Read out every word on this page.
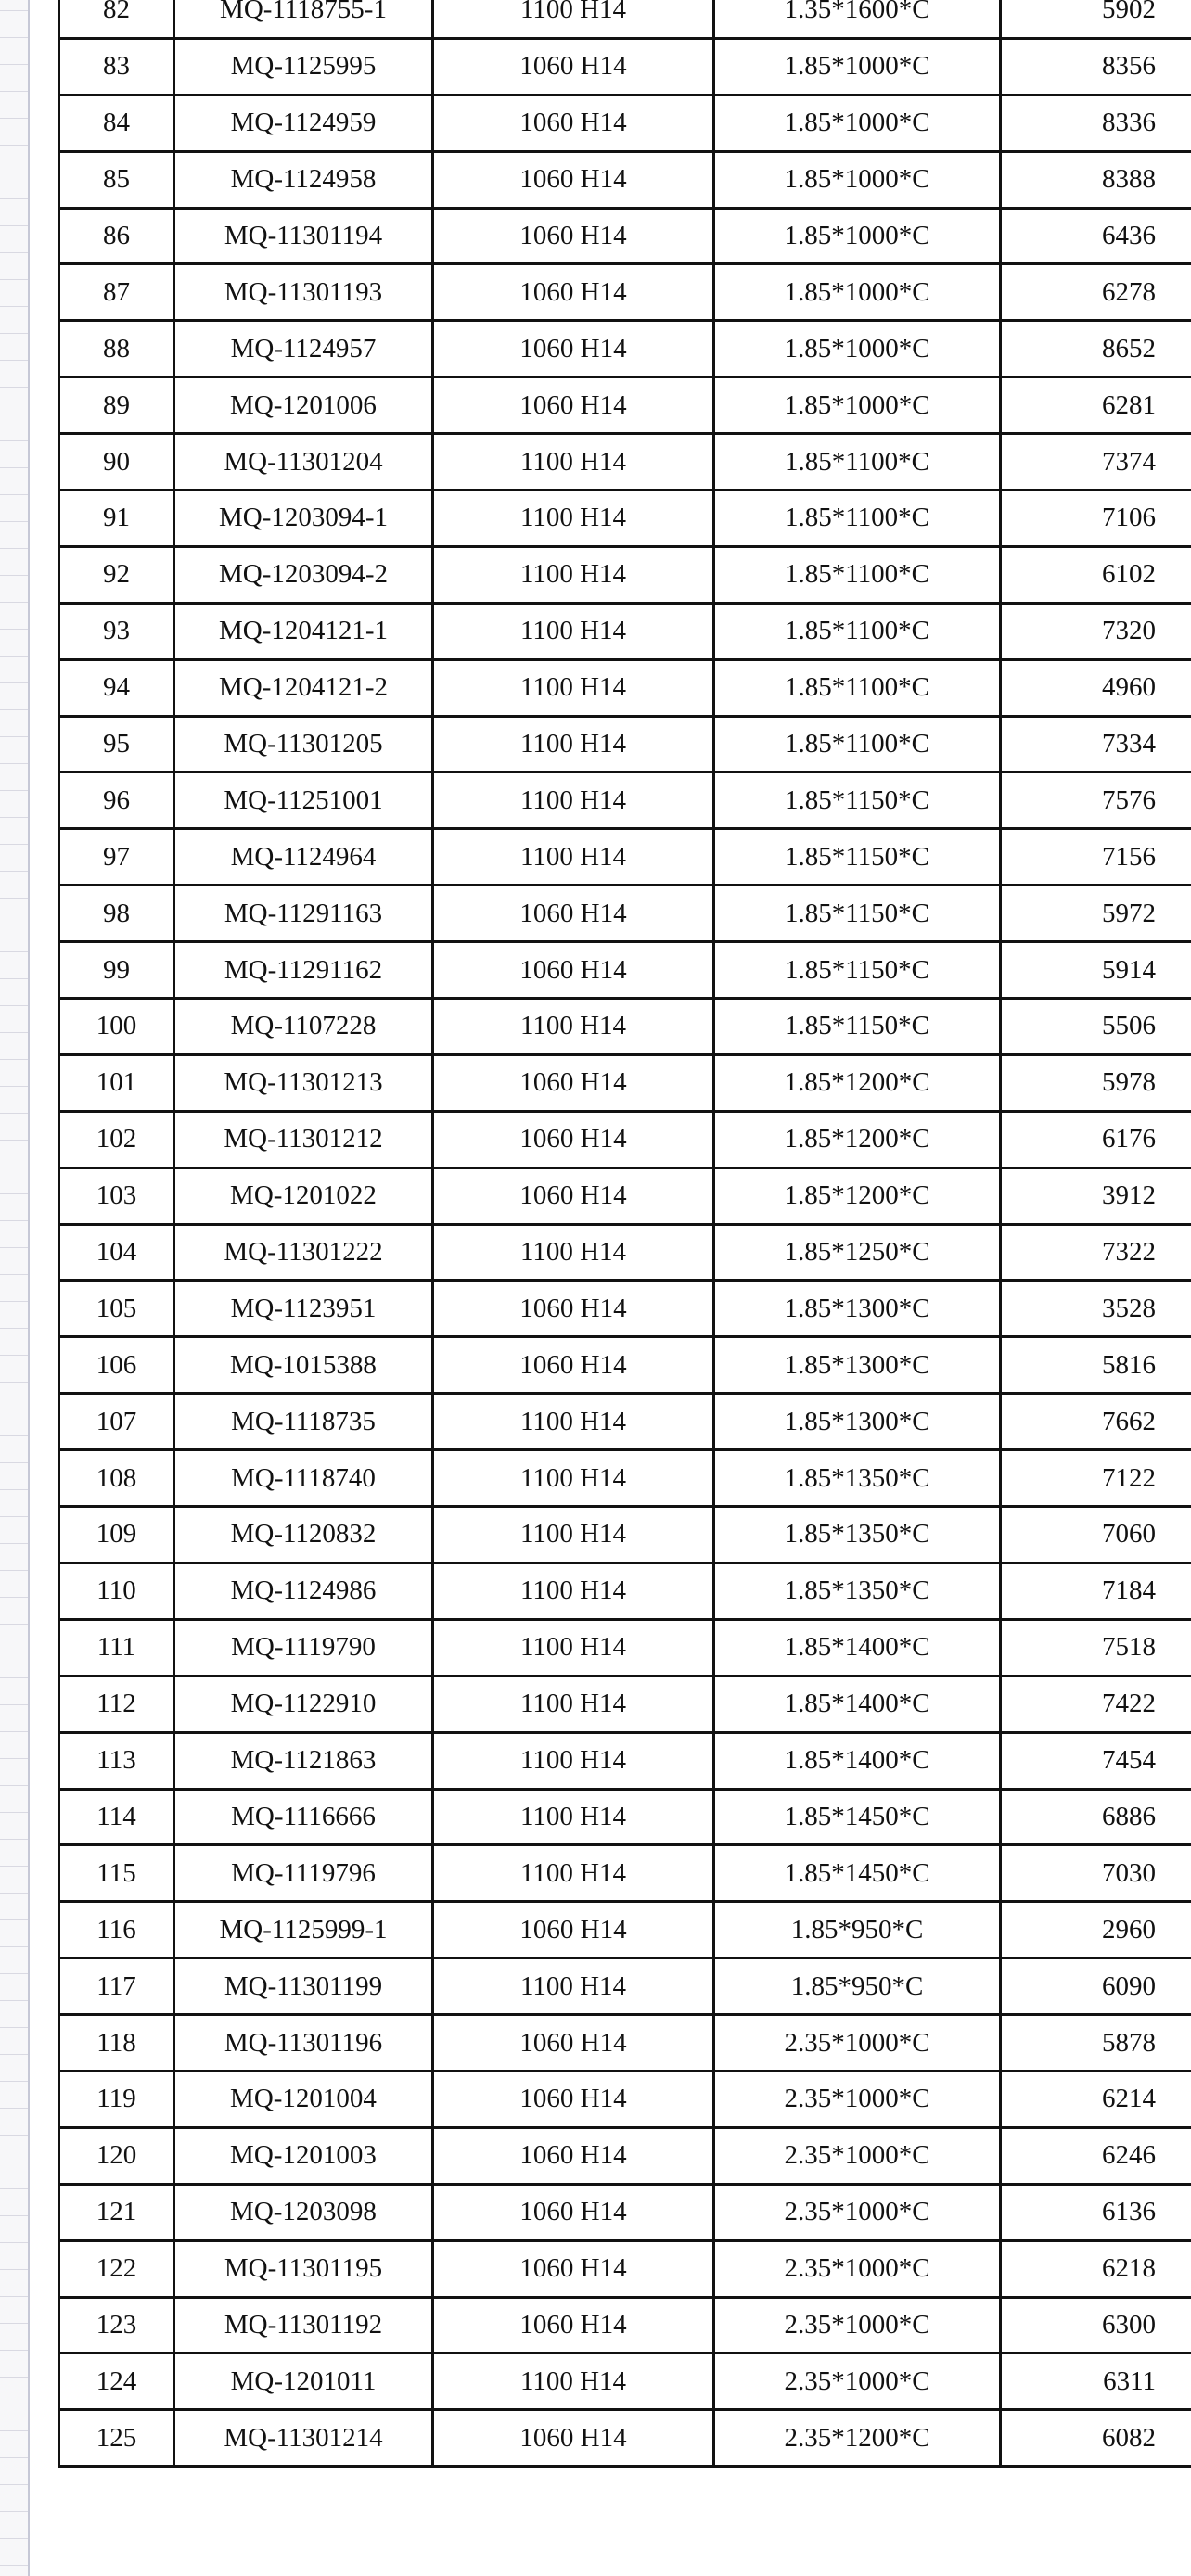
82	MQ-1118755-1	1100 H14	1.35*1600*C	5902
83	MQ-1125995	1060 H14	1.85*1000*C	8356
84	MQ-1124959	1060 H14	1.85*1000*C	8336
85	MQ-1124958	1060 H14	1.85*1000*C	8388
86	MQ-11301194	1060 H14	1.85*1000*C	6436
87	MQ-11301193	1060 H14	1.85*1000*C	6278
88	MQ-1124957	1060 H14	1.85*1000*C	8652
89	MQ-1201006	1060 H14	1.85*1000*C	6281
90	MQ-11301204	1100 H14	1.85*1100*C	7374
91	MQ-1203094-1	1100 H14	1.85*1100*C	7106
92	MQ-1203094-2	1100 H14	1.85*1100*C	6102
93	MQ-1204121-1	1100 H14	1.85*1100*C	7320
94	MQ-1204121-2	1100 H14	1.85*1100*C	4960
95	MQ-11301205	1100 H14	1.85*1100*C	7334
96	MQ-11251001	1100 H14	1.85*1150*C	7576
97	MQ-1124964	1100 H14	1.85*1150*C	7156
98	MQ-11291163	1060 H14	1.85*1150*C	5972
99	MQ-11291162	1060 H14	1.85*1150*C	5914
100	MQ-1107228	1100 H14	1.85*1150*C	5506
101	MQ-11301213	1060 H14	1.85*1200*C	5978
102	MQ-11301212	1060 H14	1.85*1200*C	6176
103	MQ-1201022	1060 H14	1.85*1200*C	3912
104	MQ-11301222	1100 H14	1.85*1250*C	7322
105	MQ-1123951	1060 H14	1.85*1300*C	3528
106	MQ-1015388	1060 H14	1.85*1300*C	5816
107	MQ-1118735	1100 H14	1.85*1300*C	7662
108	MQ-1118740	1100 H14	1.85*1350*C	7122
109	MQ-1120832	1100 H14	1.85*1350*C	7060
110	MQ-1124986	1100 H14	1.85*1350*C	7184
111	MQ-1119790	1100 H14	1.85*1400*C	7518
112	MQ-1122910	1100 H14	1.85*1400*C	7422
113	MQ-1121863	1100 H14	1.85*1400*C	7454
114	MQ-1116666	1100 H14	1.85*1450*C	6886
115	MQ-1119796	1100 H14	1.85*1450*C	7030
116	MQ-1125999-1	1060 H14	1.85*950*C	2960
117	MQ-11301199	1100 H14	1.85*950*C	6090
118	MQ-11301196	1060 H14	2.35*1000*C	5878
119	MQ-1201004	1060 H14	2.35*1000*C	6214
120	MQ-1201003	1060 H14	2.35*1000*C	6246
121	MQ-1203098	1060 H14	2.35*1000*C	6136
122	MQ-11301195	1060 H14	2.35*1000*C	6218
123	MQ-11301192	1060 H14	2.35*1000*C	6300
124	MQ-1201011	1100 H14	2.35*1000*C	6311
125	MQ-11301214	1060 H14	2.35*1200*C	6082
